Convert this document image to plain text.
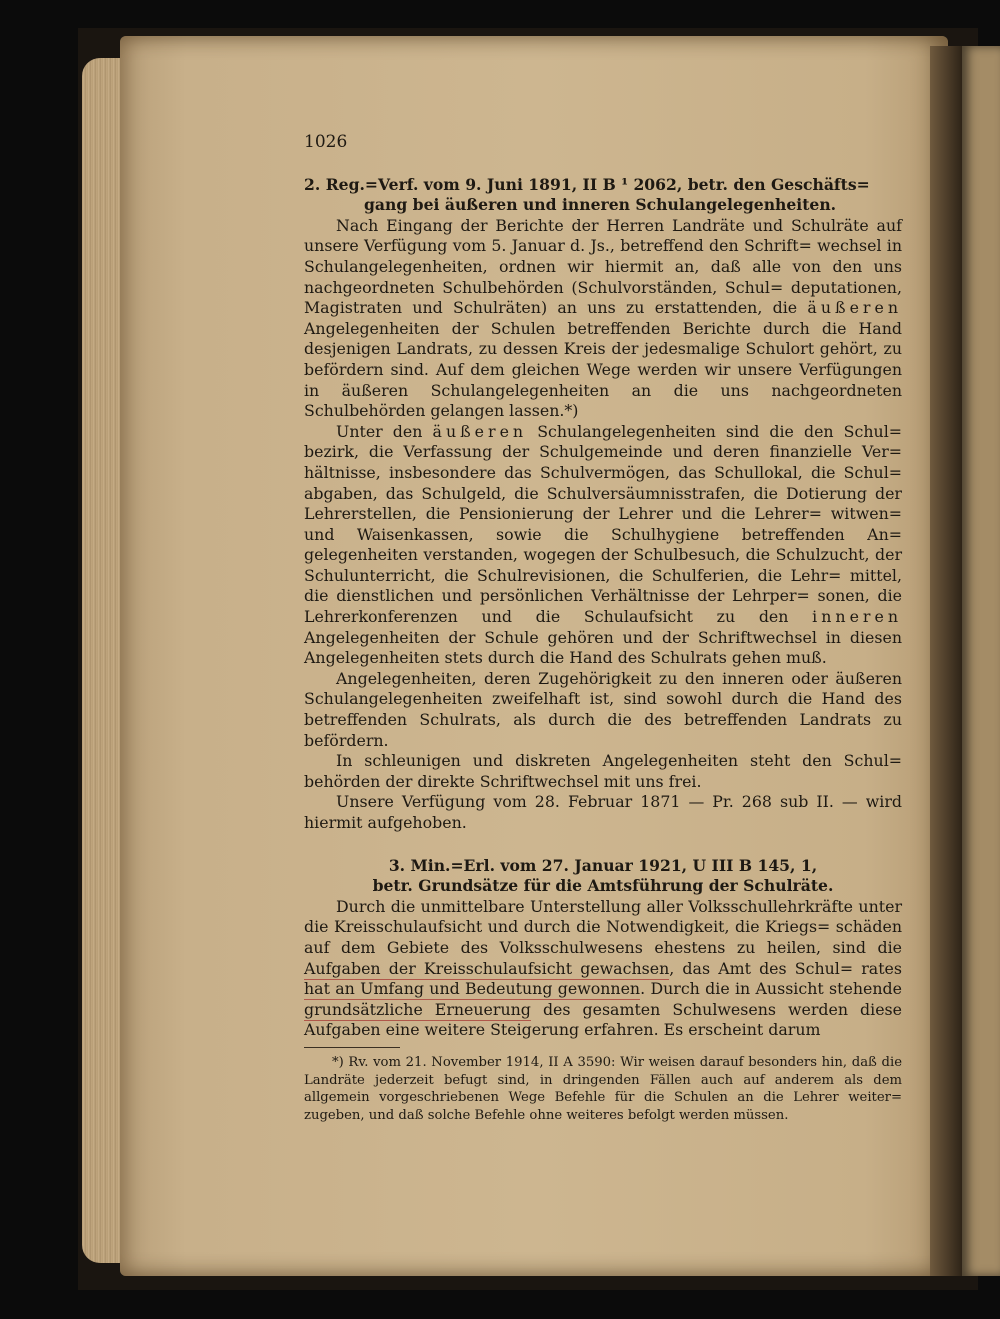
1026

2. Reg.=Verf. vom 9. Juni 1891, II B ¹ 2062, betr. den Geschäfts=

gang bei äußeren und inneren Schulangelegenheiten.

Nach Eingang der Berichte der Herren Landräte und Schulräte auf unsere Verfügung vom 5. Januar d. Js., betreffend den Schrift= wechsel in Schulangelegenheiten, ordnen wir hiermit an, daß alle von den uns nachgeordneten Schulbehörden (Schulvorständen, Schul= deputationen, Magistraten und Schulräten) an uns zu erstattenden, die äußeren Angelegenheiten der Schulen betreffenden Berichte durch die Hand desjenigen Landrats, zu dessen Kreis der jedesmalige Schulort gehört, zu befördern sind. Auf dem gleichen Wege werden wir unsere Verfügungen in äußeren Schulangelegenheiten an die uns nachgeordneten Schulbehörden gelangen lassen.*)

Unter den äußeren Schulangelegenheiten sind die den Schul= bezirk, die Verfassung der Schulgemeinde und deren finanzielle Ver= hältnisse, insbesondere das Schulvermögen, das Schullokal, die Schul= abgaben, das Schulgeld, die Schulversäumnisstrafen, die Dotierung der Lehrerstellen, die Pensionierung der Lehrer und die Lehrer= witwen= und Waisenkassen, sowie die Schulhygiene betreffenden An= gelegenheiten verstanden, wogegen der Schulbesuch, die Schulzucht, der Schulunterricht, die Schulrevisionen, die Schulferien, die Lehr= mittel, die dienstlichen und persönlichen Verhältnisse der Lehrper= sonen, die Lehrerkonferenzen und die Schulaufsicht zu den inneren Angelegenheiten der Schule gehören und der Schriftwechsel in diesen Angelegenheiten stets durch die Hand des Schulrats gehen muß.

Angelegenheiten, deren Zugehörigkeit zu den inneren oder äußeren Schulangelegenheiten zweifelhaft ist, sind sowohl durch die Hand des betreffenden Schulrats, als durch die des betreffenden Landrats zu befördern.

In schleunigen und diskreten Angelegenheiten steht den Schul= behörden der direkte Schriftwechsel mit uns frei.

Unsere Verfügung vom 28. Februar 1871 — Pr. 268 sub II. — wird hiermit aufgehoben.

3. Min.=Erl. vom 27. Januar 1921, U III B 145, 1,

betr. Grundsätze für die Amtsführung der Schulräte.

Durch die unmittelbare Unterstellung aller Volksschullehrkräfte unter die Kreisschulaufsicht und durch die Notwendigkeit, die Kriegs= schäden auf dem Gebiete des Volksschulwesens ehestens zu heilen, sind die Aufgaben der Kreisschulaufsicht gewachsen, das Amt des Schul= rates hat an Umfang und Bedeutung gewonnen. Durch die in Aussicht stehende grundsätzliche Erneuerung des gesamten Schulwesens werden diese Aufgaben eine weitere Steigerung erfahren. Es erscheint darum

*) Rv. vom 21. November 1914, II A 3590: Wir weisen darauf besonders hin, daß die Landräte jederzeit befugt sind, in dringenden Fällen auch auf anderem als dem allgemein vorgeschriebenen Wege Befehle für die Schulen an die Lehrer weiter= zugeben, und daß solche Befehle ohne weiteres befolgt werden müssen.
